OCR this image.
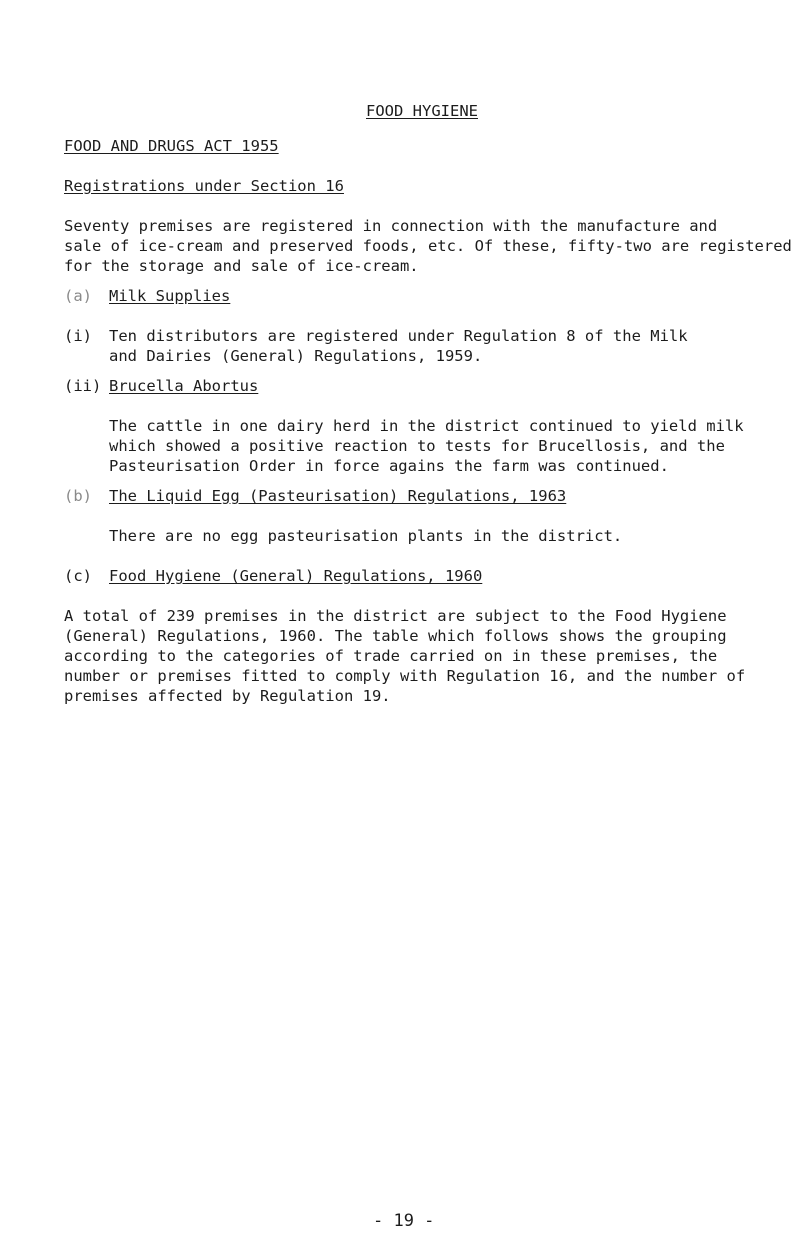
FOOD HYGIENE
FOOD AND DRUGS ACT 1955
Registrations under Section 16
Seventy premises are registered in connection with the manufacture and
sale of ice-cream and preserved foods, etc. Of these, fifty-two are registered
for the storage and sale of ice-cream.
(a) Milk Supplies
(i) Ten distributors are registered under Regulation 8 of the Milk
and Dairies (General) Regulations, 1959.
(ii) Brucella Abortus
The cattle in one dairy herd in the district continued to yield milk
which showed a positive reaction to tests for Brucellosis, and the
Pasteurisation Order in force agains the farm was continued.
(b) The Liquid Egg (Pasteurisation) Regulations, 1963
There are no egg pasteurisation plants in the district.
(c) Food Hygiene (General) Regulations, 1960
A total of 239 premises in the district are subject to the Food Hygiene
(General) Regulations, 1960. The table which follows shows the grouping
according to the categories of trade carried on in these premises, the
number or premises fitted to comply with Regulation 16, and the number of
premises affected by Regulation 19.
- 19 -
